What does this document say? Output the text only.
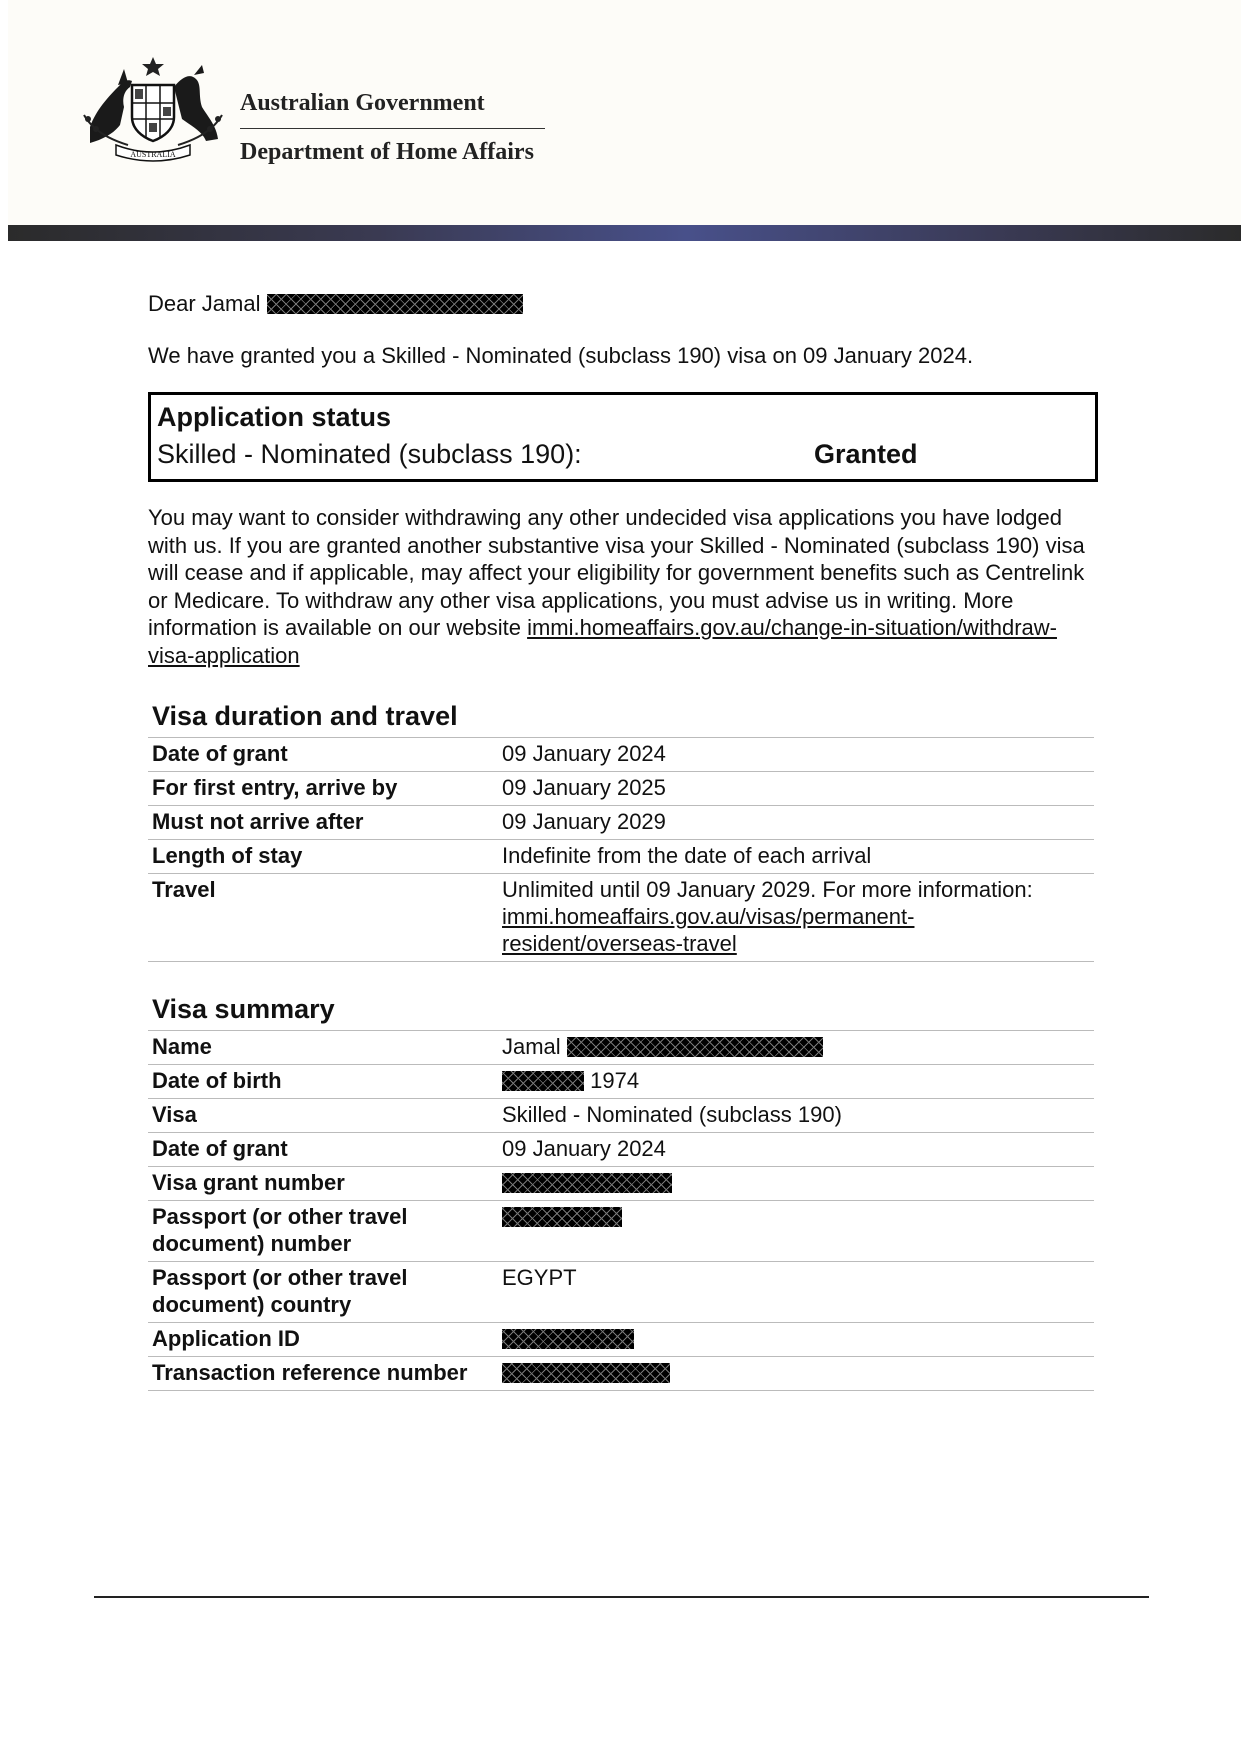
AUSTRALIA
Australian Government
Department of Home Affairs

Dear Jamal

We have granted you a Skilled - Nominated (subclass 190) visa on 09 January 2024.

Application status
Skilled - Nominated (subclass 190):	Granted

You may want to consider withdrawing any other undecided visa applications you have lodged with us. If you are granted another substantive visa your Skilled - Nominated (subclass 190) visa will cease and if applicable, may affect your eligibility for government benefits such as Centrelink or Medicare. To withdraw any other visa applications, you must advise us in writing. More information is available on our website immi.homeaffairs.gov.au/change-in-situation/withdraw-visa-application

Visa duration and travel
Date of grant	09 January 2024
For first entry, arrive by	09 January 2025
Must not arrive after	09 January 2029
Length of stay	Indefinite from the date of each arrival
Travel	Unlimited until 09 January 2029. For more information:
immi.homeaffairs.gov.au/visas/permanent-resident/overseas-travel
Visa summary
Name	Jamal
Date of birth	1974
Visa	Skilled - Nominated (subclass 190)
Date of grant	09 January 2024
Visa grant number	
Passport (or other travel document) number	
Passport (or other travel document) country	EGYPT
Application ID	
Transaction reference number	
